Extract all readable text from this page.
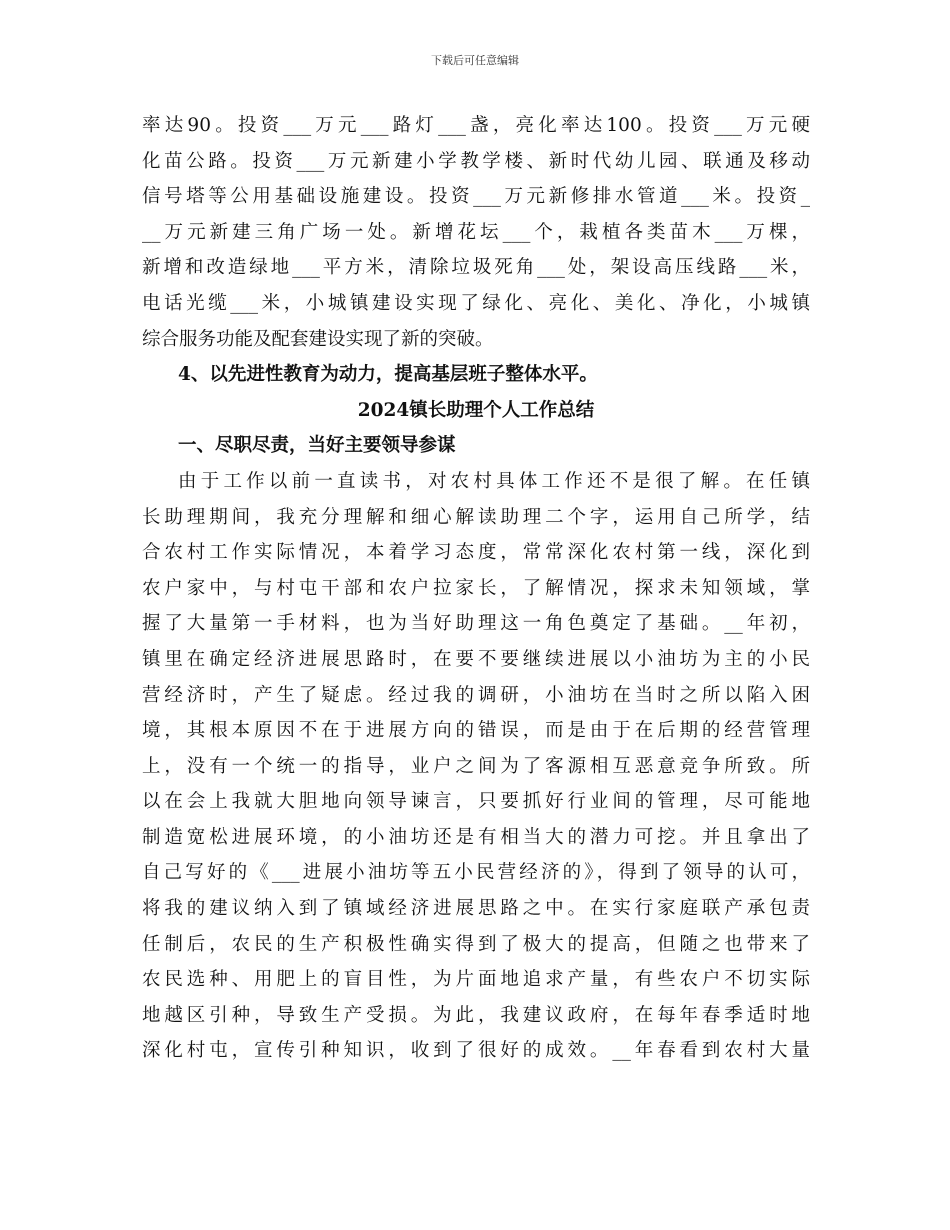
下载后可任意编辑
率达90。投资___万元___路灯___盏，亮化率达100。投资___万元硬
化苗公路。投资___万元新建小学教学楼、新时代幼儿园、联通及移动
信号塔等公用基础设施建设。投资___万元新修排水管道___米。投资_
__万元新建三角广场一处。新增花坛___个，栽植各类苗木___万棵，
新增和改造绿地___平方米，清除垃圾死角___处，架设高压线路___米，
电话光缆___米，小城镇建设实现了绿化、亮化、美化、净化，小城镇
综合服务功能及配套建设实现了新的突破。
4、以先进性教育为动力，提高基层班子整体水平。
2024镇长助理个人工作总结
一、尽职尽责，当好主要领导参谋
由于工作以前一直读书，对农村具体工作还不是很了解。在任镇
长助理期间，我充分理解和细心解读助理二个字，运用自己所学，结
合农村工作实际情况，本着学习态度，常常深化农村第一线，深化到
农户家中，与村屯干部和农户拉家长，了解情况，探求未知领域，掌
握了大量第一手材料，也为当好助理这一角色奠定了基础。__年初，
镇里在确定经济进展思路时，在要不要继续进展以小油坊为主的小民
营经济时，产生了疑虑。经过我的调研，小油坊在当时之所以陷入困
境，其根本原因不在于进展方向的错误，而是由于在后期的经营管理
上，没有一个统一的指导，业户之间为了客源相互恶意竞争所致。所
以在会上我就大胆地向领导谏言，只要抓好行业间的管理，尽可能地
制造宽松进展环境，的小油坊还是有相当大的潜力可挖。并且拿出了
自己写好的《___进展小油坊等五小民营经济的》，得到了领导的认可，
将我的建议纳入到了镇域经济进展思路之中。在实行家庭联产承包责
任制后，农民的生产积极性确实得到了极大的提高，但随之也带来了
农民选种、用肥上的盲目性，为片面地追求产量，有些农户不切实际
地越区引种，导致生产受损。为此，我建议政府，在每年春季适时地
深化村屯，宣传引种知识，收到了很好的成效。__年春看到农村大量
